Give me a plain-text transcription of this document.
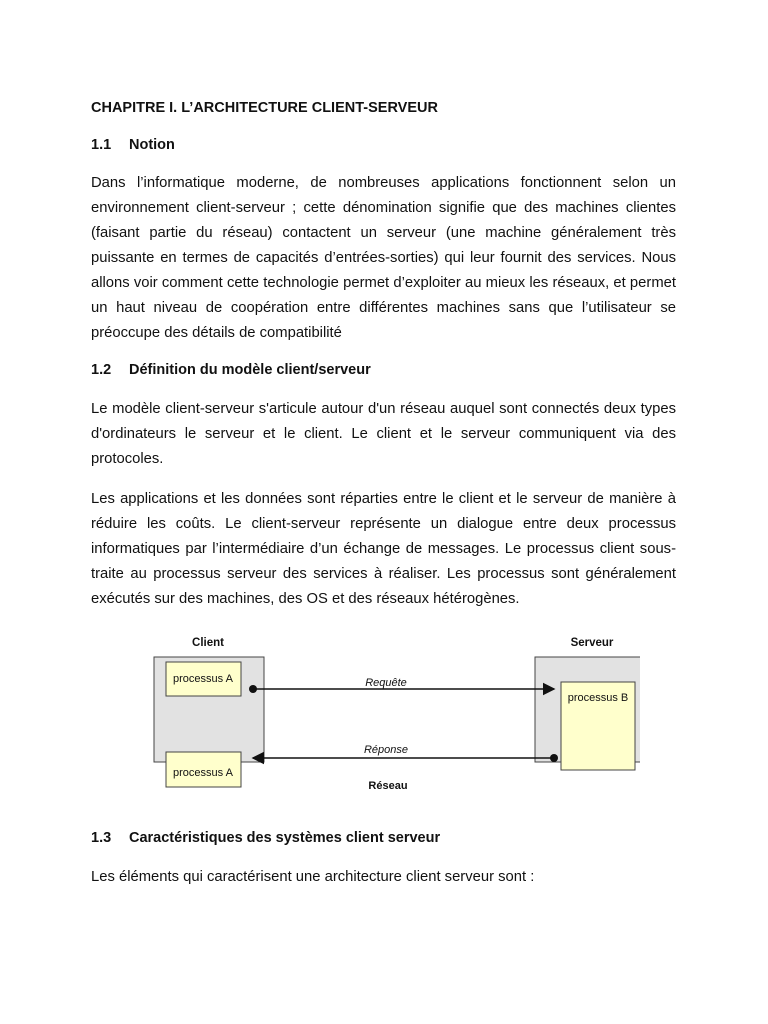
CHAPITRE I. L’ARCHITECTURE CLIENT-SERVEUR
1.1 Notion

Dans l’informatique moderne, de nombreuses applications fonctionnent selon un environnement client-serveur ; cette dénomination signifie que des machines clientes (faisant partie du réseau) contactent un serveur (une machine généralement très puissante en termes de capacités d’entrées-sorties) qui leur fournit des services. Nous allons voir comment cette technologie permet d’exploiter au mieux les réseaux, et permet un haut niveau de coopération entre différentes machines sans que l’utilisateur se préoccupe des détails de compatibilité

1.2 Définition du modèle client/serveur

Le modèle client-serveur s'articule autour d'un réseau auquel sont connectés deux types d'ordinateurs le serveur et le client. Le client et le serveur communiquent via des protocoles.

Les applications et les données sont réparties entre le client et le serveur de manière à réduire les coûts. Le client-serveur représente un dialogue entre deux processus informatiques par l’intermédiaire d’un échange de messages. Le processus client sous-traite au processus serveur des services à réaliser. Les processus sont généralement exécutés sur des machines, des OS et des réseaux hétérogènes.

Client	Serveur
processus A
processus A
processus B
Requête
Réponse
Réseau
1.3 Caractéristiques des systèmes client serveur

Les éléments qui caractérisent une architecture client serveur sont :
